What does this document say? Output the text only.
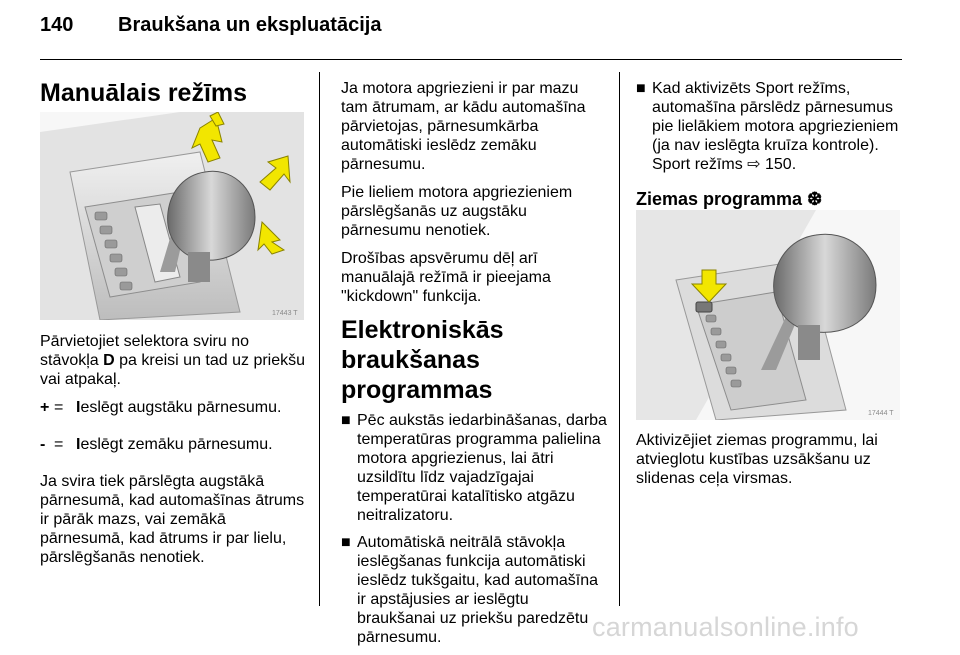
140 Braukšana un ekspluatācija
Manuālais režīms
17443 T

Pārvietojiet selektora sviru no stāvokļa D pa kreisi un tad uz priekšu vai atpakaļ.

+ = Ieslēgt augstāku pārnesumu.
- = Ieslēgt zemāku pārnesumu.

Ja svira tiek pārslēgta augstākā pārnesumā, kad automašīnas ātrums ir pārāk mazs, vai zemākā pārnesumā, kad ātrums ir par lielu, pārslēgšanās nenotiek.

Ja motora apgriezieni ir par mazu tam ātrumam, ar kādu automašīna pārvietojas, pārnesumkārba automātiski ieslēdz zemāku pārnesumu.

Pie lieliem motora apgriezieniem pārslēgšanās uz augstāku pārnesumu nenotiek.

Drošības apsvērumu dēļ arī manuālajā režīmā ir pieejama "kickdown" funkcija.

Elektroniskās braukšanas programmas
■ Pēc aukstās iedarbināšanas, darba temperatūras programma palielina motora apgriezienus, lai ātri uzsildītu līdz vajadzīgajai temperatūrai katalītisko atgāzu neitralizatoru.
■ Automātiskā neitrālā stāvokļa ieslēgšanas funkcija automātiski ieslēdz tukšgaitu, kad automašīna ir apstājusies ar ieslēgtu braukšanai uz priekšu paredzētu pārnesumu.
■ Kad aktivizēts Sport režīms, automašīna pārslēdz pārnesumus pie lielākiem motora apgriezieniem (ja nav ieslēgta kruīza kontrole). Sport režīms ⇨ 150.
Ziemas programma ❆
17444 T

Aktivizējiet ziemas programmu, lai atvieglotu kustības uzsākšanu uz slidenas ceļa virsmas.

carmanualsonline.info
